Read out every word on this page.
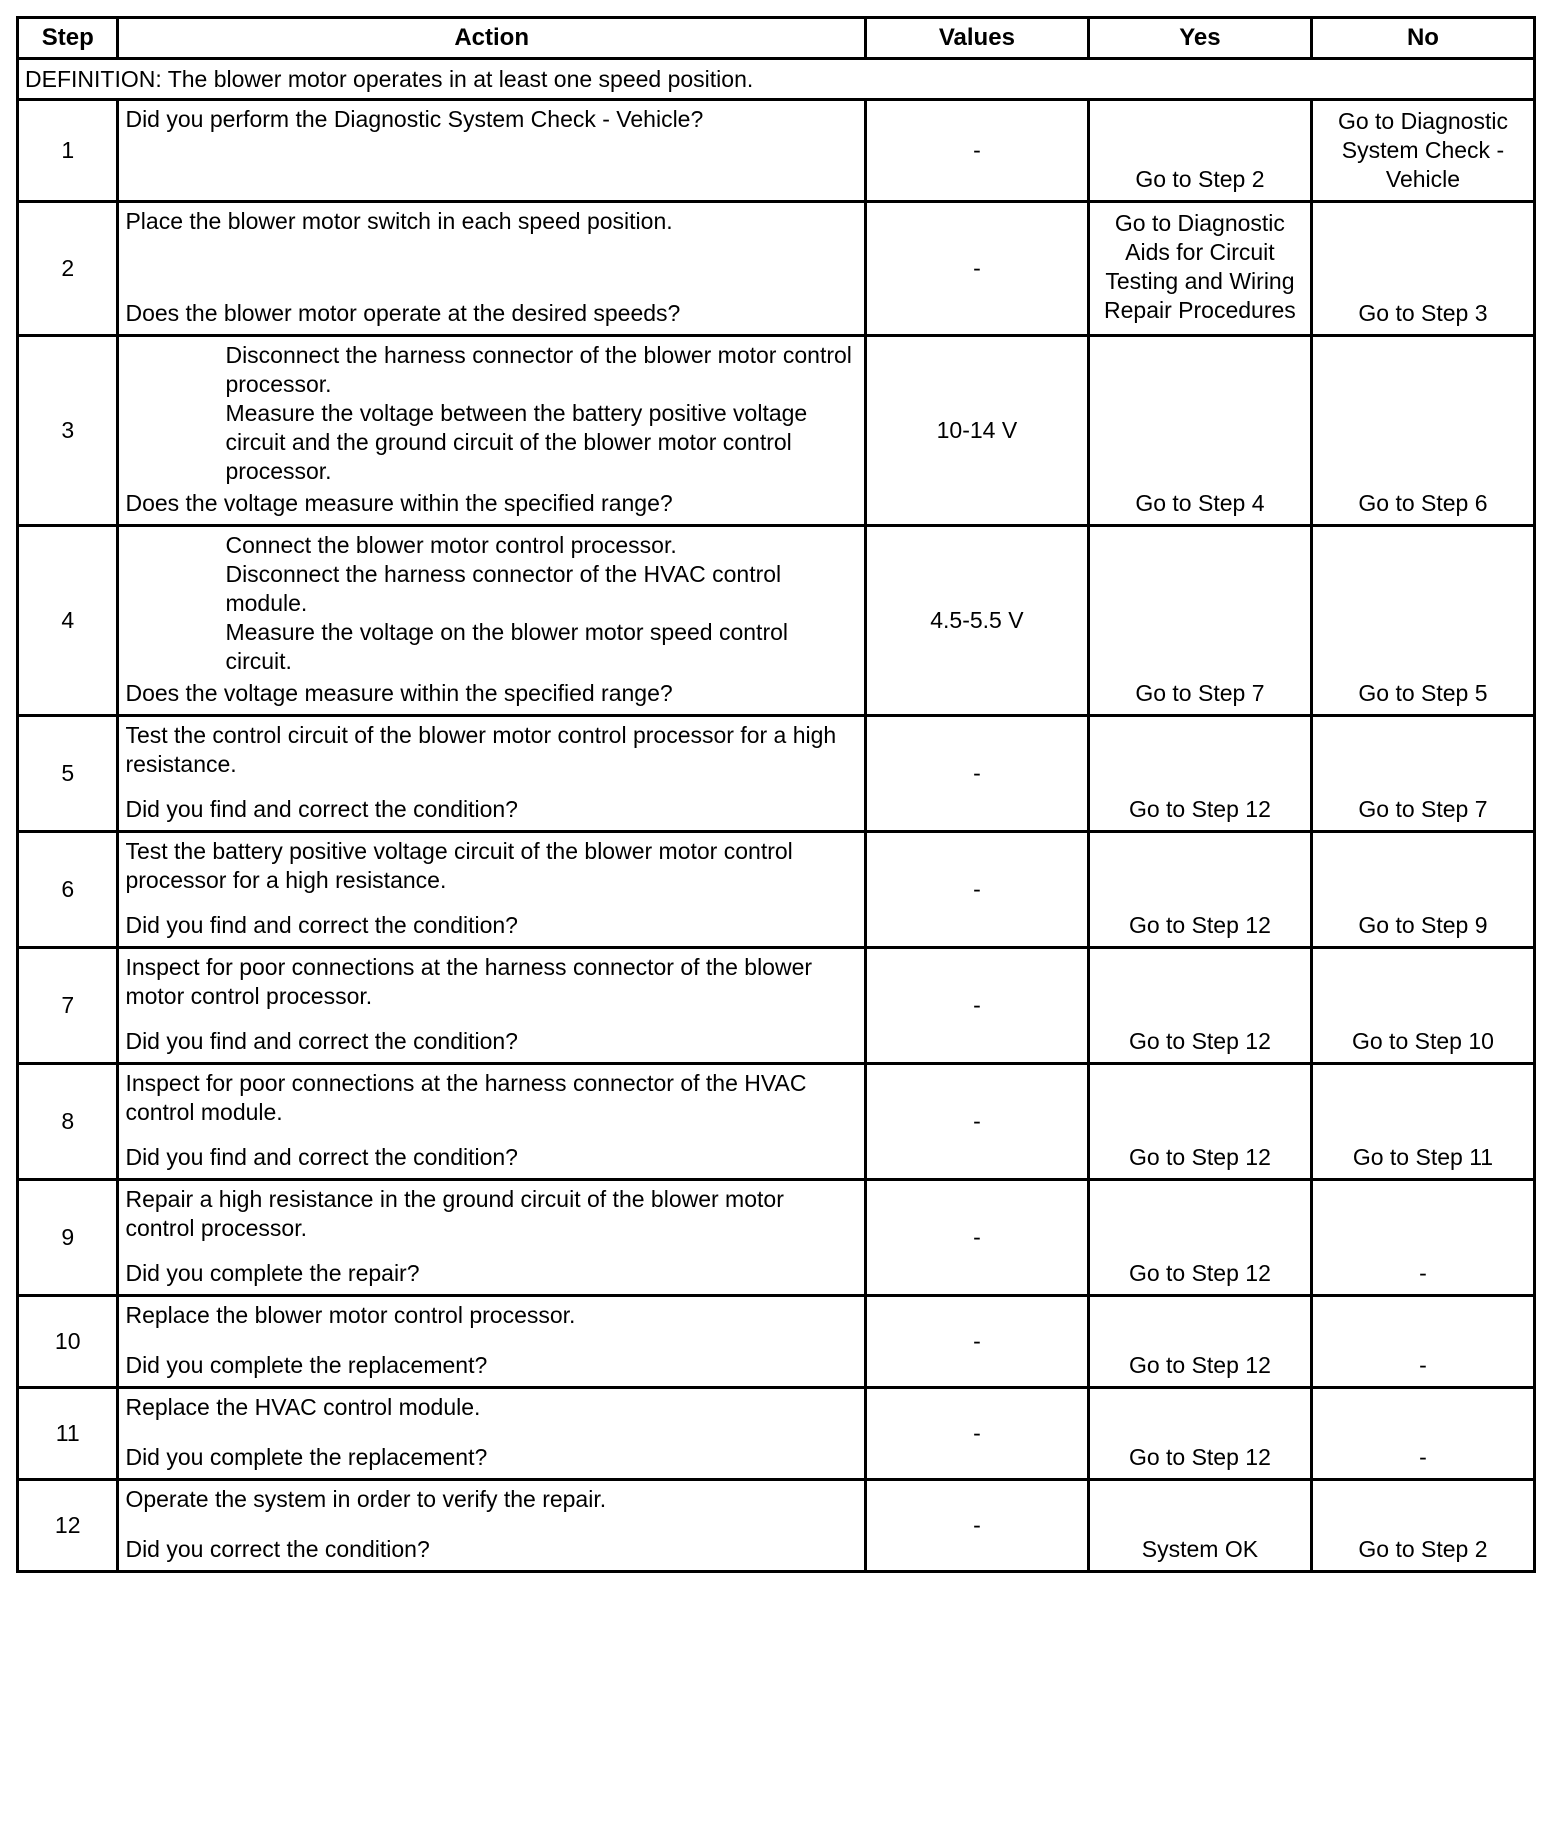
Step	Action	Values	Yes	No
DEFINITION: The blower motor operates in at least one speed position.				
1	Did you perform the Diagnostic System Check - Vehicle?	-	Go to Step 2	Go to Diagnostic System Check - Vehicle
2	Place the blower motor switch in each speed position.
Does the blower motor operate at the desired speeds?	-	Go to Diagnostic Aids for Circuit Testing and Wiring Repair Procedures	Go to Step 3
3	Disconnect the harness connector of the blower motor control processor.
Measure the voltage between the battery positive voltage circuit and the ground circuit of the blower motor control processor.
Does the voltage measure within the specified range?	10-14 V	Go to Step 4	Go to Step 6
4	Connect the blower motor control processor.
Disconnect the harness connector of the HVAC control module.
Measure the voltage on the blower motor speed control circuit.
Does the voltage measure within the specified range?	4.5-5.5 V	Go to Step 7	Go to Step 5
5	Test the control circuit of the blower motor control processor for a high resistance.
Did you find and correct the condition?	-	Go to Step 12	Go to Step 7
6	Test the battery positive voltage circuit of the blower motor control processor for a high resistance.
Did you find and correct the condition?	-	Go to Step 12	Go to Step 9
7	Inspect for poor connections at the harness connector of the blower motor control processor.
Did you find and correct the condition?	-	Go to Step 12	Go to Step 10
8	Inspect for poor connections at the harness connector of the HVAC control module.
Did you find and correct the condition?	-	Go to Step 12	Go to Step 11
9	Repair a high resistance in the ground circuit of the blower motor control processor.
Did you complete the repair?	-	Go to Step 12	-
10	Replace the blower motor control processor.
Did you complete the replacement?	-	Go to Step 12	-
11	Replace the HVAC control module.
Did you complete the replacement?	-	Go to Step 12	-
12	Operate the system in order to verify the repair.
Did you correct the condition?	-	System OK	Go to Step 2
